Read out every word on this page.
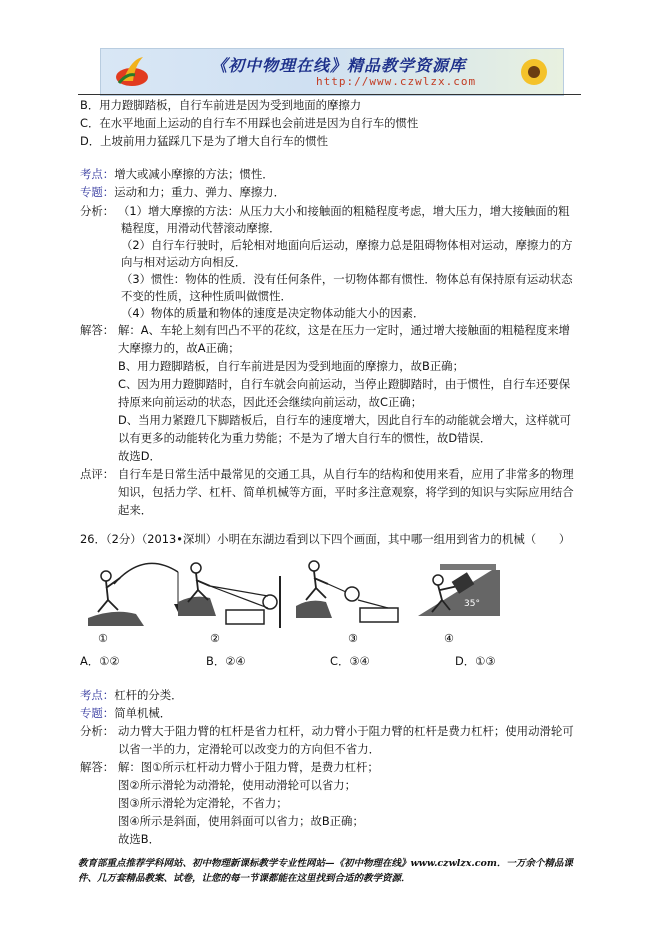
《初中物理在线》精品教学资源库
http://www.czwlzx.com
B．用力蹬脚踏板，自行车前进是因为受到地面的摩擦力
C．在水平地面上运动的自行车不用踩也会前进是因为自行车的惯性
D．上坡前用力猛踩几下是为了增大自行车的惯性
考点：增大或减小摩擦的方法；惯性．
专题：运动和力；重力、弹力、摩擦力．
分析： （1）增大摩擦的方法：从压力大小和接触面的粗糙程度考虑，增大压力，增大接触面的粗
糙程度，用滑动代替滚动摩擦．
（2）自行车行驶时，后轮相对地面向后运动，摩擦力总是阻碍物体相对运动，摩擦力的方
向与相对运动方向相反．
（3）惯性：物体的性质．没有任何条件，一切物体都有惯性．物体总有保持原有运动状态
不变的性质，这种性质叫做惯性．
（4）物体的质量和物体的速度是决定物体动能大小的因素．
解答： 解：A、车轮上刻有凹凸不平的花纹，这是在压力一定时，通过增大接触面的粗糙程度来增
大摩擦力的，故A正确；
B、用力蹬脚踏板，自行车前进是因为受到地面的摩擦力，故B正确；
C、因为用力蹬脚踏时，自行车就会向前运动，当停止蹬脚踏时，由于惯性，自行车还要保
持原来向前运动的状态，因此还会继续向前运动，故C正确；
D、当用力紧蹬几下脚踏板后，自行车的速度增大，因此自行车的动能就会增大，这样就可
以有更多的动能转化为重力势能；不是为了增大自行车的惯性，故D错误．
故选D．
点评： 自行车是日常生活中最常见的交通工具，从自行车的结构和使用来看，应用了非常多的物理
知识，包括力学、杠杆、简单机械等方面，平时多注意观察，将学到的知识与实际应用结合
起来．
26．（2分）（2013•深圳）小明在东湖边看到以下四个画面，其中哪一组用到省力的机械（　　）
①	②	③
35°
④
A．①②	B．②④	C．③④	D．①③
考点：杠杆的分类．
专题：简单机械．
分析： 动力臂大于阻力臂的杠杆是省力杠杆，动力臂小于阻力臂的杠杆是费力杠杆；使用动滑轮可
以省一半的力，定滑轮可以改变力的方向但不省力．
解答： 解：图①所示杠杆动力臂小于阻力臂，是费力杠杆；
图②所示滑轮为动滑轮，使用动滑轮可以省力；
图③所示滑轮为定滑轮，不省力；
图④所示是斜面，使用斜面可以省力；故B正确；
故选B．
教育部重点推荐学科网站、初中物理新课标教学专业性网站—《初中物理在线》www.czwlzx.com．一万余个精品课
件、几万套精品教案、试卷，让您的每一节课都能在这里找到合适的教学资源．
